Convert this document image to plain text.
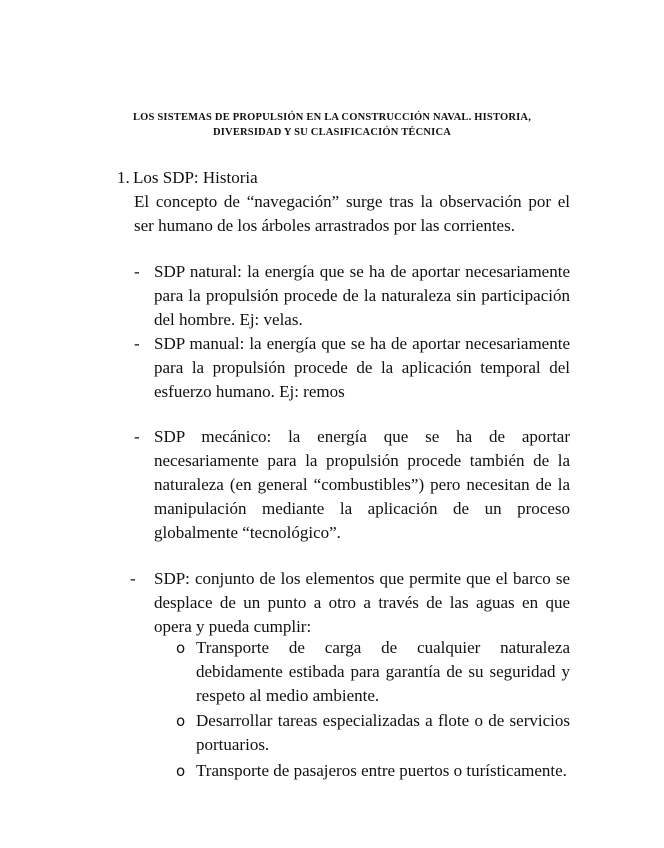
LOS SISTEMAS DE PROPULSIÓN EN LA CONSTRUCCIÓN NAVAL. HISTORIA,
DIVERSIDAD Y SU CLASIFICACIÓN TÉCNICA
1. Los SDP: Historia
El concepto de “navegación” surge tras la observación por el ser humano de los árboles arrastrados por las corrientes.
- SDP natural: la energía que se ha de aportar necesariamente para la propulsión procede de la naturaleza sin participación del hombre. Ej: velas.
- SDP manual: la energía que se ha de aportar necesariamente para la propulsión procede de la aplicación temporal del esfuerzo humano. Ej: remos
- SDP mecánico: la energía que se ha de aportar necesariamente para la propulsión procede también de la naturaleza (en general “combustibles”) pero necesitan de la manipulación mediante la aplicación de un proceso globalmente “tecnológico”.
- SDP: conjunto de los elementos que permite que el barco se desplace de un punto a otro a través de las aguas en que opera y pueda cumplir:
o Transporte de carga de cualquier naturaleza debidamente estibada para garantía de su seguridad y respeto al medio ambiente.
o Desarrollar tareas especializadas a flote o de servicios portuarios.
o Transporte de pasajeros entre puertos o turísticamente.
